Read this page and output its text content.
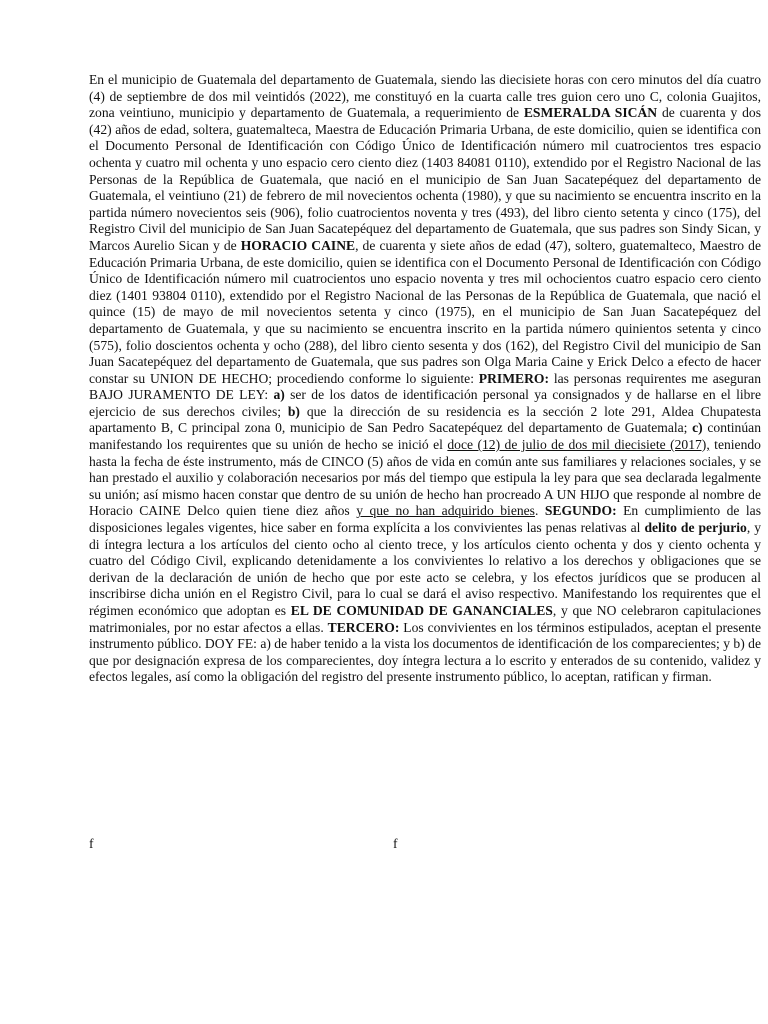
En el municipio de Guatemala del departamento de Guatemala, siendo las diecisiete horas con cero minutos del día cuatro (4) de septiembre de dos mil veintidós (2022), me constituyó en la cuarta calle tres guion cero uno C, colonia Guajitos, zona veintiuno, municipio y departamento de Guatemala, a requerimiento de ESMERALDA SICÁN de cuarenta y dos (42) años de edad, soltera, guatemalteca, Maestra de Educación Primaria Urbana, de este domicilio, quien se identifica con el Documento Personal de Identificación con Código Único de Identificación número mil cuatrocientos tres espacio ochenta y cuatro mil ochenta y uno espacio cero ciento diez (1403 84081 0110), extendido por el Registro Nacional de las Personas de la República de Guatemala, que nació en el municipio de San Juan Sacatepéquez del departamento de Guatemala, el veintiuno (21) de febrero de mil novecientos ochenta (1980), y que su nacimiento se encuentra inscrito en la partida número novecientos seis (906), folio cuatrocientos noventa y tres (493), del libro ciento setenta y cinco (175), del Registro Civil del municipio de San Juan Sacatepéquez del departamento de Guatemala, que sus padres son Sindy Sican, y Marcos Aurelio Sican y de HORACIO CAINE, de cuarenta y siete años de edad (47), soltero, guatemalteco, Maestro de Educación Primaria Urbana, de este domicilio, quien se identifica con el Documento Personal de Identificación con Código Único de Identificación número mil cuatrocientos uno espacio noventa y tres mil ochocientos cuatro espacio cero ciento diez (1401 93804 0110), extendido por el Registro Nacional de las Personas de la República de Guatemala, que nació el quince (15) de mayo de mil novecientos setenta y cinco (1975), en el municipio de San Juan Sacatepéquez del departamento de Guatemala, y que su nacimiento se encuentra inscrito en la partida número quinientos setenta y cinco (575), folio doscientos ochenta y ocho (288), del libro ciento sesenta y dos (162), del Registro Civil del municipio de San Juan Sacatepéquez del departamento de Guatemala, que sus padres son Olga Maria Caine y Erick Delco a efecto de hacer constar su UNION DE HECHO; procediendo conforme lo siguiente: PRIMERO: las personas requirentes me aseguran BAJO JURAMENTO DE LEY: a) ser de los datos de identificación personal ya consignados y de hallarse en el libre ejercicio de sus derechos civiles; b) que la dirección de su residencia es la sección 2 lote 291, Aldea Chupatesta apartamento B, C principal zona 0, municipio de San Pedro Sacatepéquez del departamento de Guatemala; c) continúan manifestando los requirentes que su unión de hecho se inició el doce (12) de julio de dos mil diecisiete (2017), teniendo hasta la fecha de éste instrumento, más de CINCO (5) años de vida en común ante sus familiares y relaciones sociales, y se han prestado el auxilio y colaboración necesarios por más del tiempo que estipula la ley para que sea declarada legalmente su unión; así mismo hacen constar que dentro de su unión de hecho han procreado A UN HIJO que responde al nombre de Horacio CAINE Delco quien tiene diez años y que no han adquirido bienes. SEGUNDO: En cumplimiento de las disposiciones legales vigentes, hice saber en forma explícita a los convivientes las penas relativas al delito de perjurio, y di íntegra lectura a los artículos del ciento ocho al ciento trece, y los artículos ciento ochenta y dos y ciento ochenta y cuatro del Código Civil, explicando detenidamente a los convivientes lo relativo a los derechos y obligaciones que se derivan de la declaración de unión de hecho que por este acto se celebra, y los efectos jurídicos que se producen al inscribirse dicha unión en el Registro Civil, para lo cual se dará el aviso respectivo. Manifestando los requirentes que el régimen económico que adoptan es EL DE COMUNIDAD DE GANANCIALES, y que NO celebraron capitulaciones matrimoniales, por no estar afectos a ellas. TERCERO: Los convivientes en los términos estipulados, aceptan el presente instrumento público. DOY FE: a) de haber tenido a la vista los documentos de identificación de los comparecientes; y b) de que por designación expresa de los comparecientes, doy íntegra lectura a lo escrito y enterados de su contenido, validez y efectos legales, así como la obligación del registro del presente instrumento público, lo aceptan, ratifican y firman.

f	f
